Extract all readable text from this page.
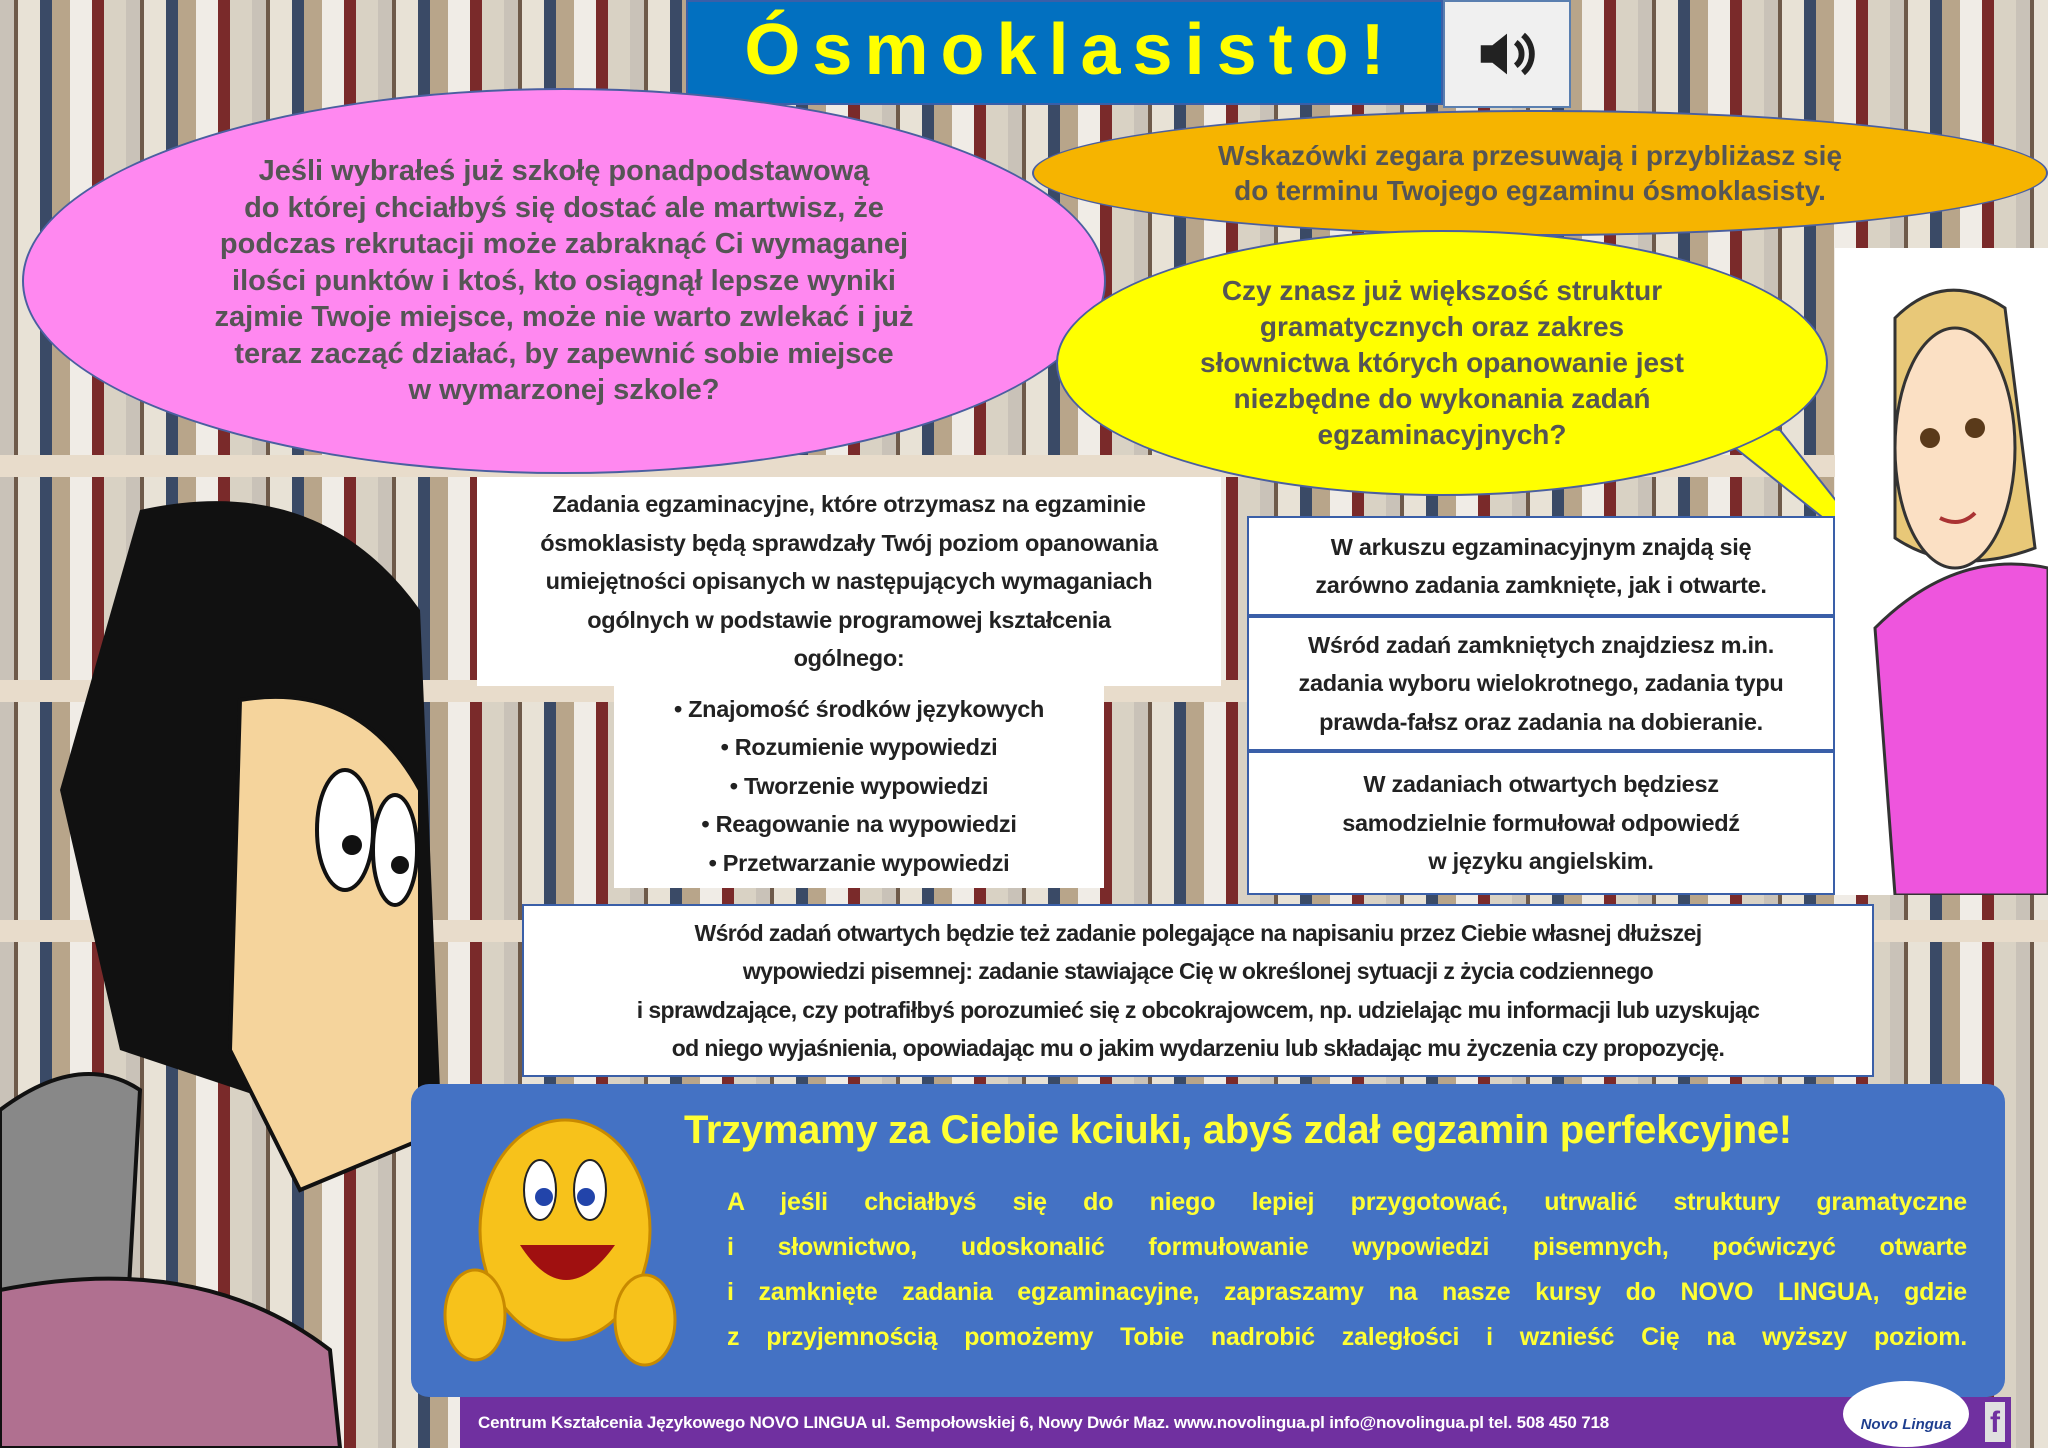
Ósmoklasisto!
Jeśli wybrałeś już szkołę ponadpodstawową
do której chciałbyś się dostać ale martwisz, że
podczas rekrutacji może zabraknąć Ci wymaganej
ilości punktów i ktoś, kto osiągnął lepsze wyniki
zajmie Twoje miejsce, może nie warto zwlekać i już
teraz zacząć działać, by zapewnić sobie miejsce
w wymarzonej szkole?
Wskazówki zegara przesuwają i przybliżasz się
do terminu Twojego egzaminu ósmoklasisty.
Czy znasz już większość struktur
gramatycznych oraz zakres
słownictwa których opanowanie jest
niezbędne do wykonania zadań
egzaminacyjnych?
Zadania egzaminacyjne, które otrzymasz na egzaminie
ósmoklasisty będą sprawdzały Twój poziom opanowania
umiejętności opisanych w następujących wymaganiach
ogólnych w podstawie programowej kształcenia
ogólnego:
• Znajomość środków językowych
• Rozumienie wypowiedzi
• Tworzenie wypowiedzi
• Reagowanie na wypowiedzi
• Przetwarzanie wypowiedzi
W arkuszu egzaminacyjnym znajdą się
zarówno zadania zamknięte, jak i otwarte.
Wśród zadań zamkniętych znajdziesz m.in.
zadania wyboru wielokrotnego, zadania typu
prawda-fałsz oraz zadania na dobieranie.
W zadaniach otwartych będziesz
samodzielnie formułował odpowiedź
w języku angielskim.
Wśród zadań otwartych będzie też zadanie polegające na napisaniu przez Ciebie własnej dłuższej
wypowiedzi pisemnej: zadanie stawiające Cię w określonej sytuacji z życia codziennego
i sprawdzające, czy potrafiłbyś porozumieć się z obcokrajowcem, np. udzielając mu informacji lub uzyskując
od niego wyjaśnienia, opowiadając mu o jakim wydarzeniu lub składając mu życzenia czy propozycję.
Trzymamy za Ciebie kciuki, abyś zdał egzamin perfekcyjne!
A jeśli chciałbyś się do niego lepiej przygotować, utrwalić struktury gramatyczne
i słownictwo, udoskonalić formułowanie wypowiedzi pisemnych, poćwiczyć otwarte
i zamknięte zadania egzaminacyjne, zapraszamy na nasze kursy do NOVO LINGUA, gdzie
z przyjemnością pomożemy Tobie nadrobić zaległości i wznieść Cię na wyższy poziom.
Centrum Kształcenia Językowego NOVO LINGUA ul. Sempołowskiej 6, Nowy Dwór Maz. www.novolingua.pl info@novolingua.pl tel. 508 450 718	Novo Lingua	f
